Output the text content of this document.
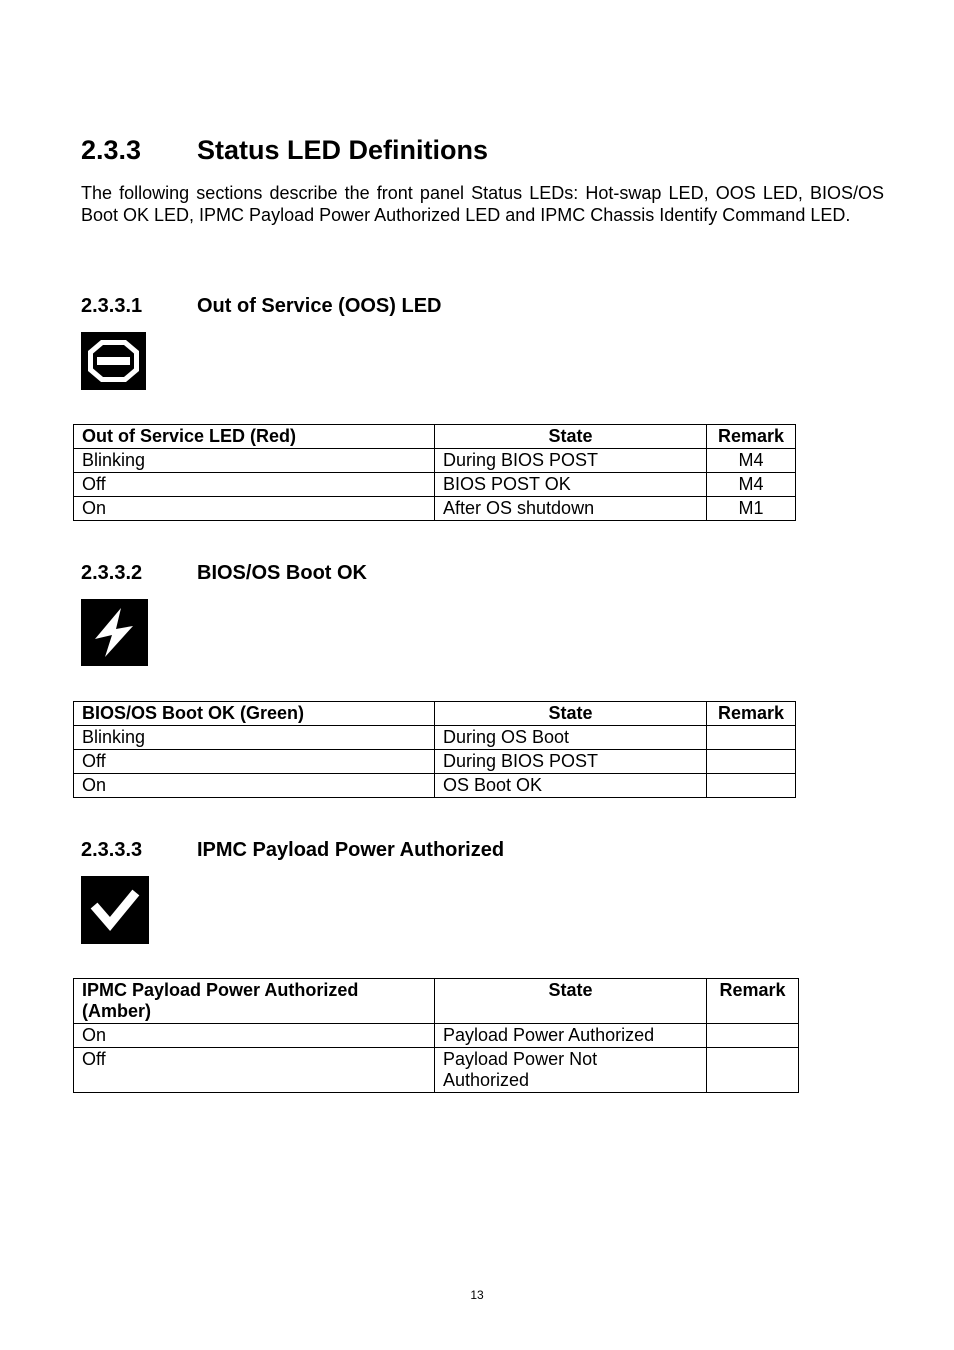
2.3.3 Status LED Definitions

The following sections describe the front panel Status LEDs: Hot-swap LED, OOS LED, BIOS/OS Boot OK LED, IPMC Payload Power Authorized LED and IPMC Chassis Identify Command LED.

2.3.3.1	Out of Service (OOS) LED
Out of Service LED (Red)	State	Remark
Blinking	During BIOS POST	M4
Off	BIOS POST OK	M4
On	After OS shutdown	M1
2.3.3.2	BIOS/OS Boot OK
BIOS/OS Boot OK (Green)	State	Remark
Blinking	During OS Boot	
Off	During BIOS POST	
On	OS Boot OK	
2.3.3.3	IPMC Payload Power Authorized
IPMC Payload Power Authorized (Amber)	State	Remark
On	Payload Power Authorized	
Off	Payload Power Not Authorized	
13
